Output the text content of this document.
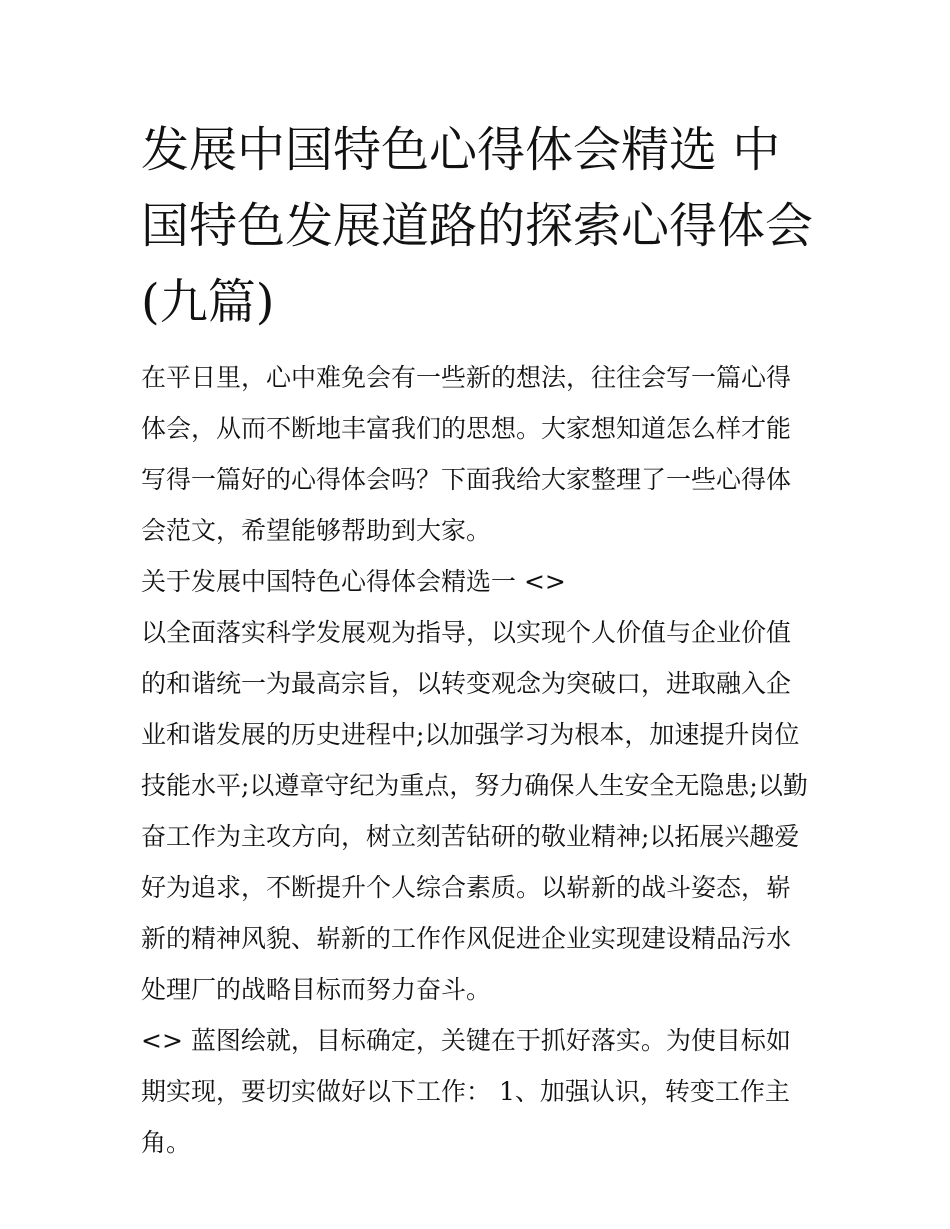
发展中国特色心得体会精选 中国特色发展道路的探索心得体会(九篇)

在平日里，心中难免会有一些新的想法，往往会写一篇心得体会，从而不断地丰富我们的思想。大家想知道怎么样才能写得一篇好的心得体会吗？下面我给大家整理了一些心得体会范文，希望能够帮助到大家。

关于发展中国特色心得体会精选一 <>

以全面落实科学发展观为指导，以实现个人价值与企业价值的和谐统一为最高宗旨，以转变观念为突破口，进取融入企业和谐发展的历史进程中;以加强学习为根本，加速提升岗位技能水平;以遵章守纪为重点，努力确保人生安全无隐患;以勤奋工作为主攻方向，树立刻苦钻研的敬业精神;以拓展兴趣爱好为追求，不断提升个人综合素质。以崭新的战斗姿态，崭新的精神风貌、崭新的工作作风促进企业实现建设精品污水处理厂的战略目标而努力奋斗。

<> 蓝图绘就，目标确定，关键在于抓好落实。为使目标如期实现，要切实做好以下工作： 1、加强认识，转变工作主角。
